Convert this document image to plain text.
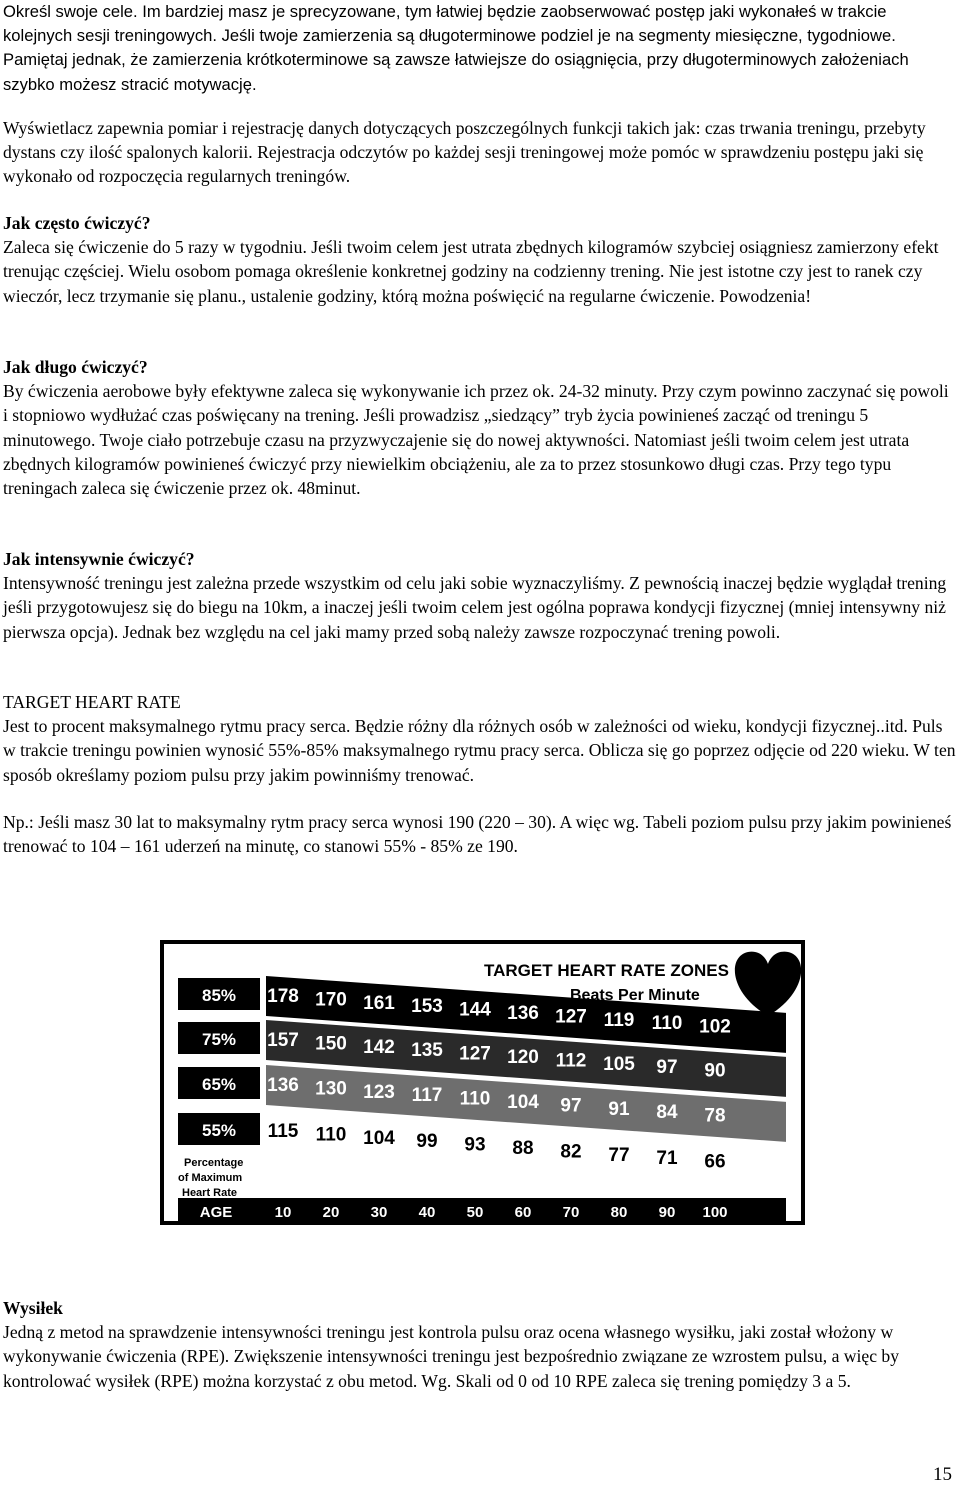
Określ swoje cele. Im bardziej masz je sprecyzowane, tym łatwiej będzie zaobserwować postęp jaki wykonałeś w trakcie kolejnych sesji treningowych. Jeśli twoje zamierzenia są długoterminowe podziel je na segmenty miesięczne, tygodniowe. Pamiętaj jednak, że zamierzenia krótkoterminowe są zawsze łatwiejsze do osiągnięcia, przy długoterminowych założeniach szybko możesz stracić motywację.

Wyświetlacz zapewnia pomiar i rejestrację danych dotyczących poszczególnych funkcji takich jak: czas trwania treningu, przebyty dystans czy ilość spalonych kalorii. Rejestracja odczytów po każdej sesji treningowej może pomóc w sprawdzeniu postępu jaki się wykonało od rozpoczęcia regularnych treningów.

Jak często ćwiczyć?
Zaleca się ćwiczenie do 5 razy w tygodniu. Jeśli twoim celem jest utrata zbędnych kilogramów szybciej osiągniesz zamierzony efekt trenując częściej. Wielu osobom pomaga określenie konkretnej godziny na codzienny trening. Nie jest istotne czy jest to ranek czy wieczór, lecz trzymanie się planu., ustalenie godziny, którą można poświęcić na regularne ćwiczenie. Powodzenia!
Jak długo ćwiczyć?
By ćwiczenia aerobowe były efektywne zaleca się wykonywanie ich przez ok. 24-32 minuty. Przy czym powinno zaczynać się powoli i stopniowo wydłużać czas poświęcany na trening. Jeśli prowadzisz „siedzący” tryb życia powinieneś zacząć od treningu 5 minutowego. Twoje ciało potrzebuje czasu na przyzwyczajenie się do nowej aktywności. Natomiast jeśli twoim celem jest utrata zbędnych kilogramów powinieneś ćwiczyć przy niewielkim obciążeniu, ale za to przez stosunkowo długi czas. Przy tego typu treningach zaleca się ćwiczenie przez ok. 48minut.
Jak intensywnie ćwiczyć?
Intensywność treningu jest zależna przede wszystkim od celu jaki sobie wyznaczyliśmy. Z pewnością inaczej będzie wyglądał trening jeśli przygotowujesz się do biegu na 10km, a inaczej jeśli twoim celem jest ogólna poprawa kondycji fizycznej (mniej intensywny niż pierwsza opcja). Jednak bez względu na cel jaki mamy przed sobą należy zawsze rozpoczynać trening powoli.
TARGET HEART RATE
Jest to procent maksymalnego rytmu pracy serca. Będzie różny dla różnych osób w zależności od wieku, kondycji fizycznej..itd. Puls w trakcie treningu powinien wynosić 55%-85% maksymalnego rytmu pracy serca. Oblicza się go poprzez odjęcie od 220 wieku. W ten sposób określamy poziom pulsu przy jakim powinniśmy trenować.

Np.: Jeśli masz 30 lat to maksymalny rytm pracy serca wynosi 190 (220 – 30). A więc wg. Tabeli poziom pulsu przy jakim powinieneś trenować to 104 – 161 uderzeń na minutę, co stanowi 55% - 85% ze 190.

TARGET HEART RATE ZONES
Beats Per Minute
85%
75%
65%
55%
178 170 161 153 144 136 127 119 110 102
157 150 142 135 127 120 112 105 97 90
136 130 123 117 110 104 97 91 84 78
115 110 104 99 93 88 82 77 71 66
AGE	10 20 30 40 50 60 70 80 90 100
Percentage
of Maximum
Heart Rate
Wysiłek
Jedną z metod na sprawdzenie intensywności treningu jest kontrola pulsu oraz ocena własnego wysiłku, jaki został włożony w wykonywanie ćwiczenia (RPE). Zwiększenie intensywności treningu jest bezpośrednio związane ze wzrostem pulsu, a więc by kontrolować wysiłek (RPE) można korzystać z obu metod. Wg. Skali od 0 od 10 RPE zaleca się trening pomiędzy 3 a 5.
15
